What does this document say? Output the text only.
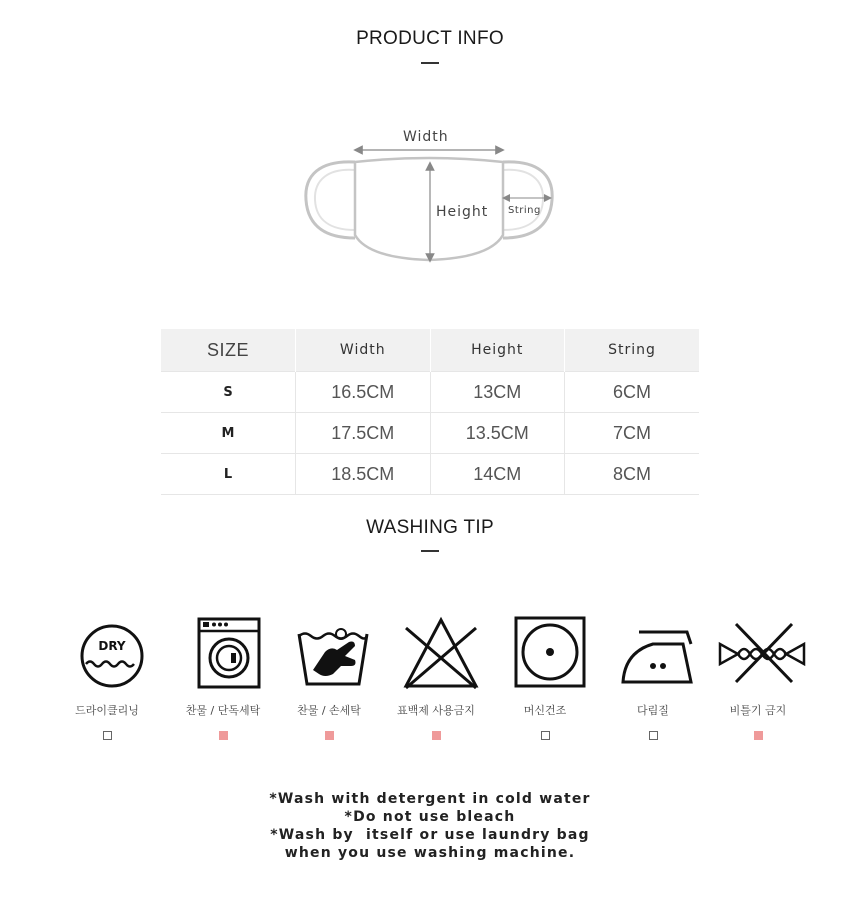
PRODUCT INFO
Width
Height String
SIZE	Width	Height	String
S	16.5CM	13CM	6CM
M	17.5CM	13.5CM	7CM
L	18.5CM	14CM	8CM
WASHING TIP
DRY
드라이클리닝	찬물 / 단독세탁	찬물 / 손세탁	표백제 사용금지	머신건조	다림질	비틀기 금지
*Wash with detergent in cold water
*Do not use bleach
*Wash by  itself or use laundry bag
when you use washing machine.
